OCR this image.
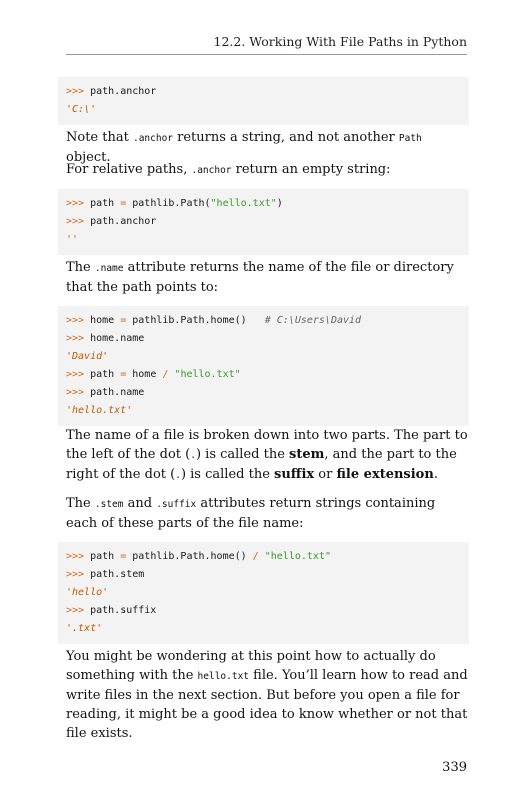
12.2. Working With File Paths in Python
>>> path.anchor
'C:\'
Note that .anchor returns a string, and not another Path object.
For relative paths, .anchor return an empty string:
>>> path = pathlib.Path("hello.txt")
>>> path.anchor
''
The .name attribute returns the name of the file or directory that the path points to:
>>> home = pathlib.Path.home()   # C:\Users\David
>>> home.name
'David'
>>> path = home / "hello.txt"
>>> path.name
'hello.txt'
The name of a file is broken down into two parts. The part to the left of the dot (.) is called the stem, and the part to the right of the dot (.) is called the suffix or file extension.
The .stem and .suffix attributes return strings containing each of these parts of the file name:
>>> path = pathlib.Path.home() / "hello.txt"
>>> path.stem
'hello'
>>> path.suffix
'.txt'
You might be wondering at this point how to actually do something with the hello.txt file. You’ll learn how to read and write files in the next section. But before you open a file for reading, it might be a good idea to know whether or not that file exists.
339
